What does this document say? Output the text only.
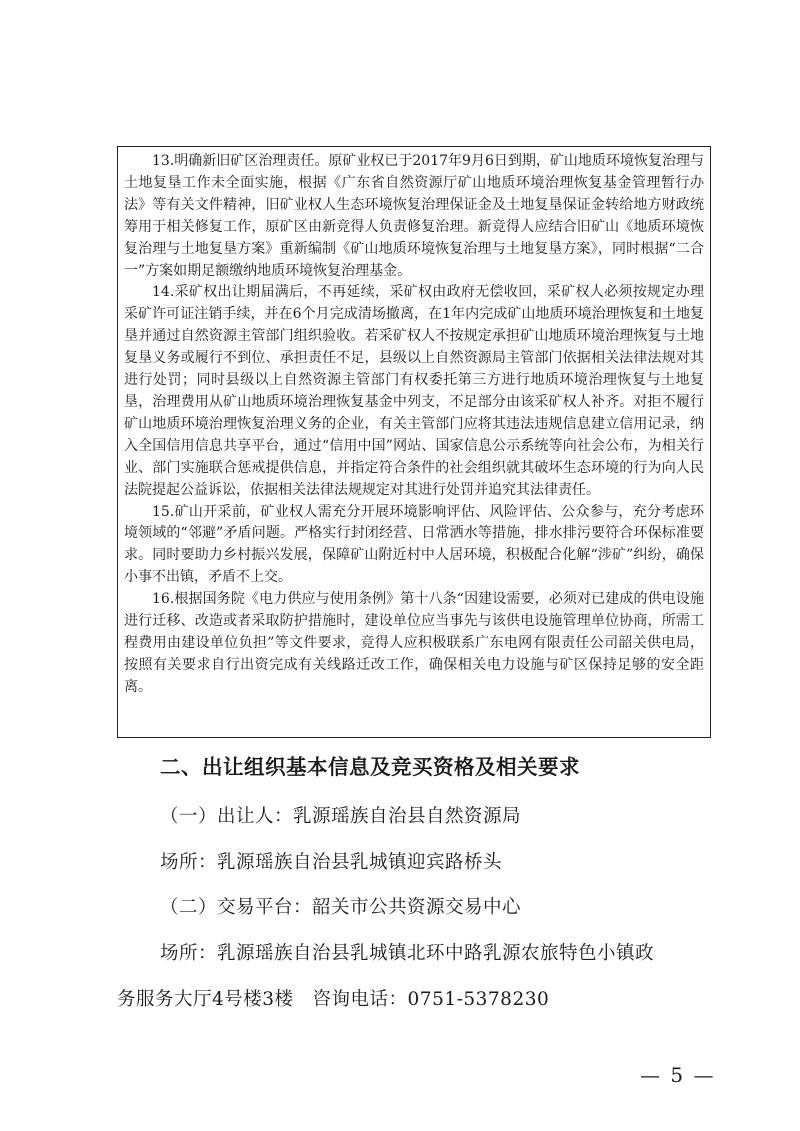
13.明确新旧矿区治理责任。原矿业权已于2017年9月6日到期，矿山地质环境恢复治理与土地复垦工作未全面实施，根据《广东省自然资源厅矿山地质环境治理恢复基金管理暂行办法》等有关文件精神，旧矿业权人生态环境恢复治理保证金及土地复垦保证金转给地方财政统筹用于相关修复工作，原矿区由新竞得人负责修复治理。新竞得人应结合旧矿山《地质环境恢复治理与土地复垦方案》重新编制《矿山地质环境恢复治理与土地复垦方案》，同时根据“二合一”方案如期足额缴纳地质环境恢复治理基金。

14.采矿权出让期届满后，不再延续，采矿权由政府无偿收回，采矿权人必须按规定办理采矿许可证注销手续，并在6个月完成清场撤离，在1年内完成矿山地质环境治理恢复和土地复垦并通过自然资源主管部门组织验收。若采矿权人不按规定承担矿山地质环境治理恢复与土地复垦义务或履行不到位、承担责任不足，县级以上自然资源局主管部门依据相关法律法规对其进行处罚；同时县级以上自然资源主管部门有权委托第三方进行地质环境治理恢复与土地复垦，治理费用从矿山地质环境治理恢复基金中列支，不足部分由该采矿权人补齐。对拒不履行矿山地质环境治理恢复治理义务的企业，有关主管部门应将其违法违规信息建立信用记录，纳入全国信用信息共享平台，通过“信用中国”网站、国家信息公示系统等向社会公布，为相关行业、部门实施联合惩戒提供信息，并指定符合条件的社会组织就其破坏生态环境的行为向人民法院提起公益诉讼，依据相关法律法规规定对其进行处罚并追究其法律责任。

15.矿山开采前，矿业权人需充分开展环境影响评估、风险评估、公众参与，充分考虑环境领域的“邻避”矛盾问题。严格实行封闭经营、日常洒水等措施，排水排污要符合环保标准要求。同时要助力乡村振兴发展，保障矿山附近村中人居环境，积极配合化解“涉矿”纠纷，确保小事不出镇，矛盾不上交。

16.根据国务院《电力供应与使用条例》第十八条“因建设需要，必须对已建成的供电设施进行迁移、改造或者采取防护措施时，建设单位应当事先与该供电设施管理单位协商，所需工程费用由建设单位负担”等文件要求，竞得人应积极联系广东电网有限责任公司韶关供电局，按照有关要求自行出资完成有关线路迁改工作，确保相关电力设施与矿区保持足够的安全距离。

二、出让组织基本信息及竞买资格及相关要求

（一）出让人：乳源瑶族自治县自然资源局

场所：乳源瑶族自治县乳城镇迎宾路桥头

（二）交易平台：韶关市公共资源交易中心

场所：乳源瑶族自治县乳城镇北环中路乳源农旅特色小镇政

务服务大厅4号楼3楼　咨询电话：0751-5378230

— 5 —
